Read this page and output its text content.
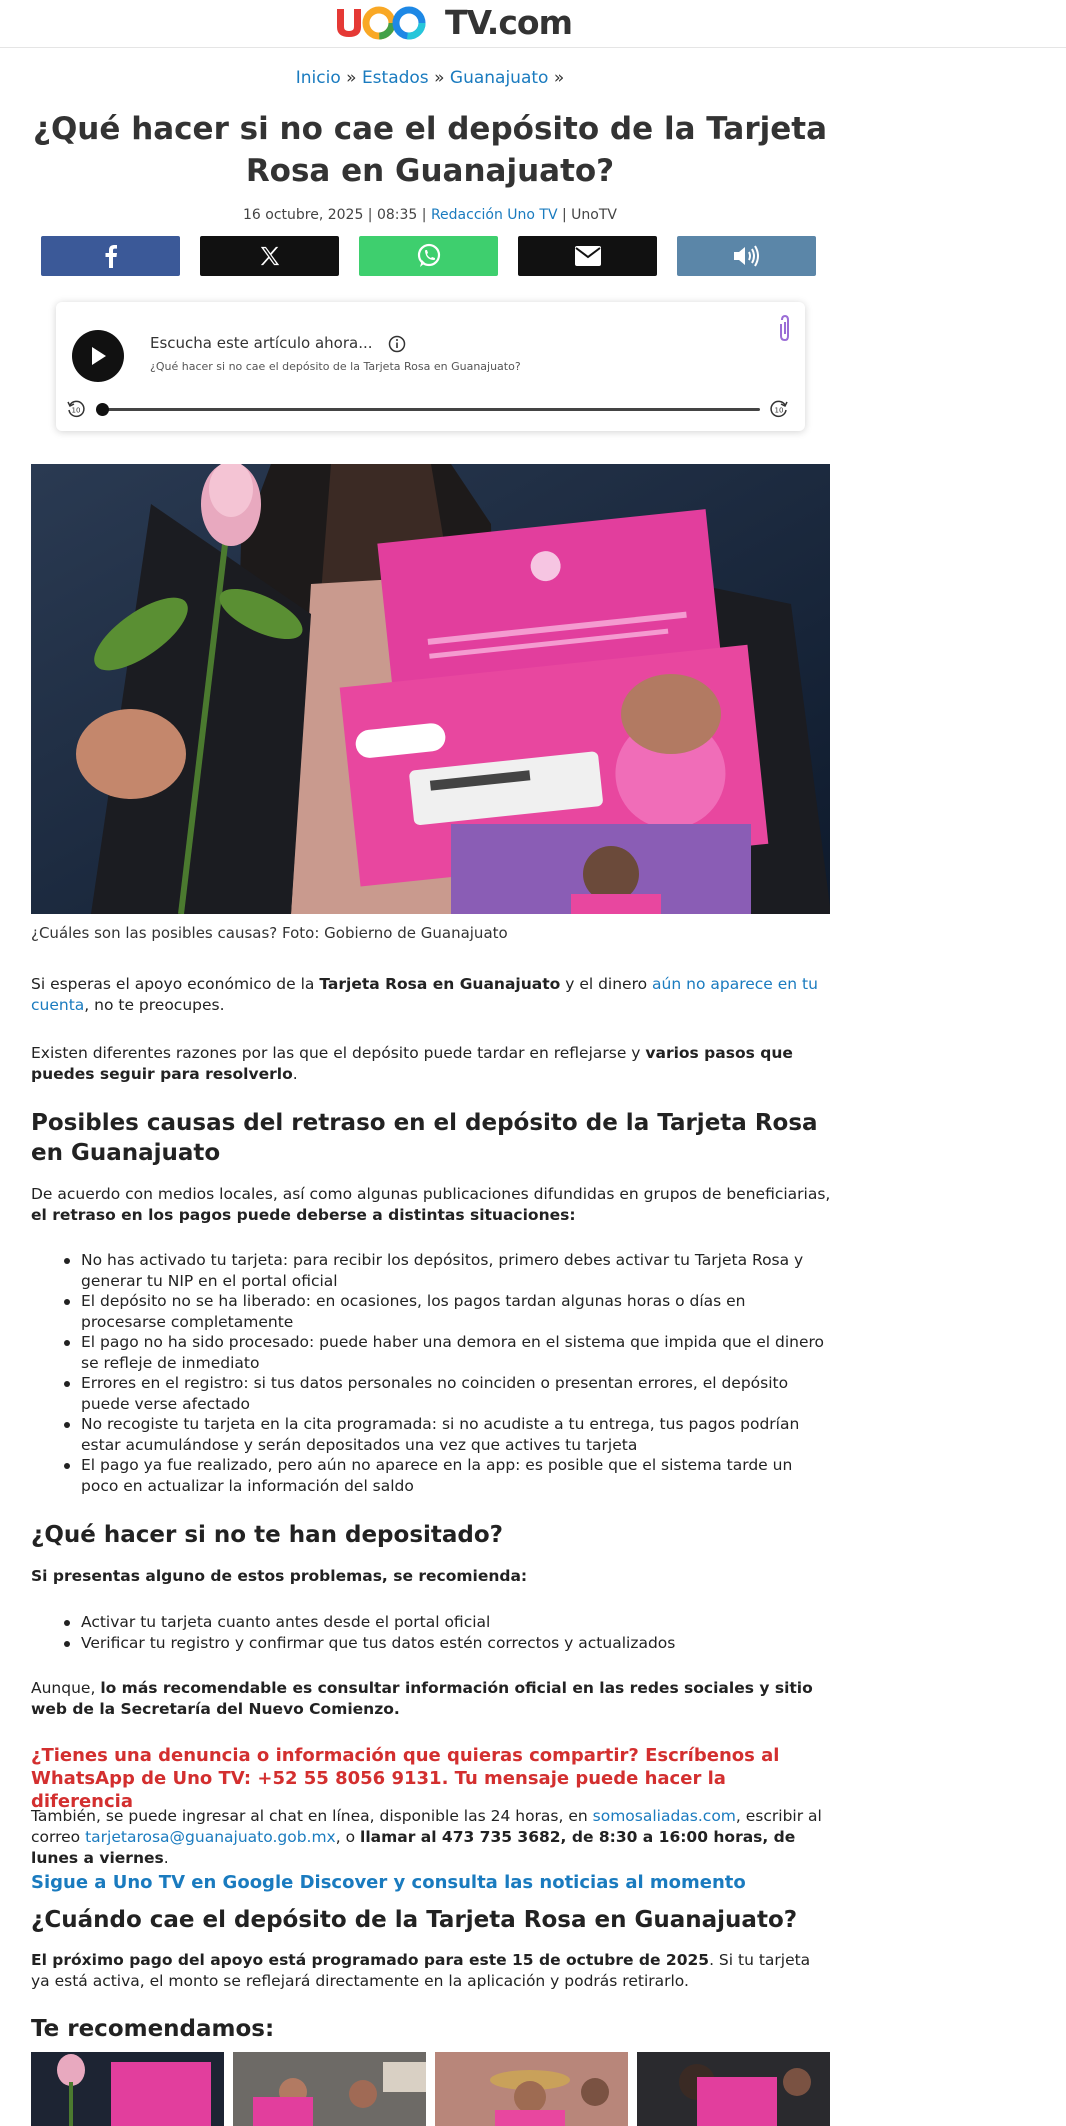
TV.com
Inicio » Estados » Guanajuato »
¿Qué hacer si no cae el depósito de la Tarjeta Rosa en Guanajuato?
16 octubre, 2025 | 08:35 | Redacción Uno TV | UnoTV
Escucha este artículo ahora...
¿Qué hacer si no cae el depósito de la Tarjeta Rosa en Guanajuato?
10	10
¿Cuáles son las posibles causas? Foto: Gobierno de Guanajuato

Si esperas el apoyo económico de la Tarjeta Rosa en Guanajuato y el dinero aún no aparece en tu cuenta, no te preocupes.

Existen diferentes razones por las que el depósito puede tardar en reflejarse y varios pasos que puedes seguir para resolverlo.

Posibles causas del retraso en el depósito de la Tarjeta Rosa en Guanajuato

De acuerdo con medios locales, así como algunas publicaciones difundidas en grupos de beneficiarias, el retraso en los pagos puede deberse a distintas situaciones:

No has activado tu tarjeta: para recibir los depósitos, primero debes activar tu Tarjeta Rosa y generar tu NIP en el portal oficial
El depósito no se ha liberado: en ocasiones, los pagos tardan algunas horas o días en procesarse completamente
El pago no ha sido procesado: puede haber una demora en el sistema que impida que el dinero se refleje de inmediato
Errores en el registro: si tus datos personales no coinciden o presentan errores, el depósito puede verse afectado
No recogiste tu tarjeta en la cita programada: si no acudiste a tu entrega, tus pagos podrían estar acumulándose y serán depositados una vez que actives tu tarjeta
El pago ya fue realizado, pero aún no aparece en la app: es posible que el sistema tarde un poco en actualizar la información del saldo
¿Qué hacer si no te han depositado?

Si presentas alguno de estos problemas, se recomienda:

Activar tu tarjeta cuanto antes desde el portal oficial
Verificar tu registro y confirmar que tus datos estén correctos y actualizados

Aunque, lo más recomendable es consultar información oficial en las redes sociales y sitio web de la Secretaría del Nuevo Comienzo.

¿Tienes una denuncia o información que quieras compartir? Escríbenos al WhatsApp de Uno TV: +52 55 8056 9131. Tu mensaje puede hacer la diferencia

También, se puede ingresar al chat en línea, disponible las 24 horas, en somosaliadas.com, escribir al correo tarjetarosa@guanajuato.gob.mx, o llamar al 473 735 3682, de 8:30 a 16:00 horas, de lunes a viernes.

Sigue a Uno TV en Google Discover y consulta las noticias al momento
¿Cuándo cae el depósito de la Tarjeta Rosa en Guanajuato?

El próximo pago del apoyo está programado para este 15 de octubre de 2025. Si tu tarjeta ya está activa, el monto se reflejará directamente en la aplicación y podrás retirarlo.

Te recomendamos:
